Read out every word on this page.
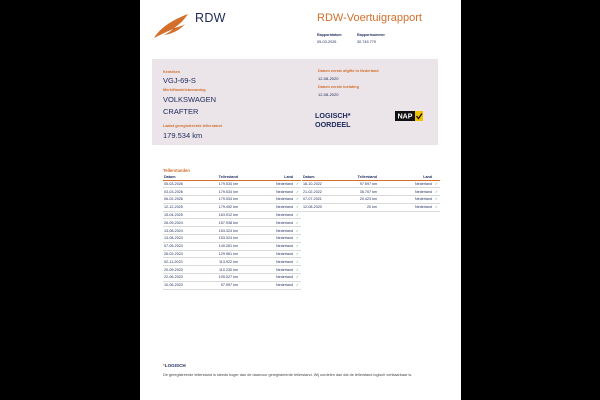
RDW	RDW-Voertuigrapport
Rapportdatum
05-03-2026
Rapportnummer
30.745.779
Kenteken
VGJ-69-S
Merk/Handelsbenaming
VOLKSWAGEN
CRAFTER
Laatst geregistreerde tellerstand
179.534 km
Datum eerste afgifte in Nederland
12-08-2020
Datum eerste toelating
12-08-2020
LOGISCH*
OORDEEL
NAP
Tellerstanden
Datum	Tellerstand	Land	
05-03-2026	179.534 km	Nederland	✓
03-03-2026	179.534 km	Nederland	✓
06-02-2026	179.534 km	Nederland	✓
12-12-2025	179.492 km	Nederland	✓
15-04-2025	163.912 km	Nederland	✓
26-09-2024	157.938 km	Nederland	✓
13-08-2024	153.324 km	Nederland	✓
13-08-2024	153.324 km	Nederland	✓
07-05-2024	140.261 km	Nederland	✓
26-02-2024	129.961 km	Nederland	✓
02-11-2023	113.922 km	Nederland	✓
20-09-2023	110.230 km	Nederland	✓
22-06-2023	105.027 km	Nederland	✓
10-05-2023	97.997 km	Nederland	✓
Datum	Tellerstand	Land	
18-10-2022	97.597 km	Nederland	✓
21-02-2022	36.707 km	Nederland	✓
07-07-2021	20.423 km	Nederland	✓
12-08-2020	20 km	Nederland	✓
*LOGISCH
De geregistreerde tellerstand is steeds hoger dan de daarvoor geregistreerde tellerstand. Wij oordelen dan dat de tellerstand logisch verklaarbaar is.
